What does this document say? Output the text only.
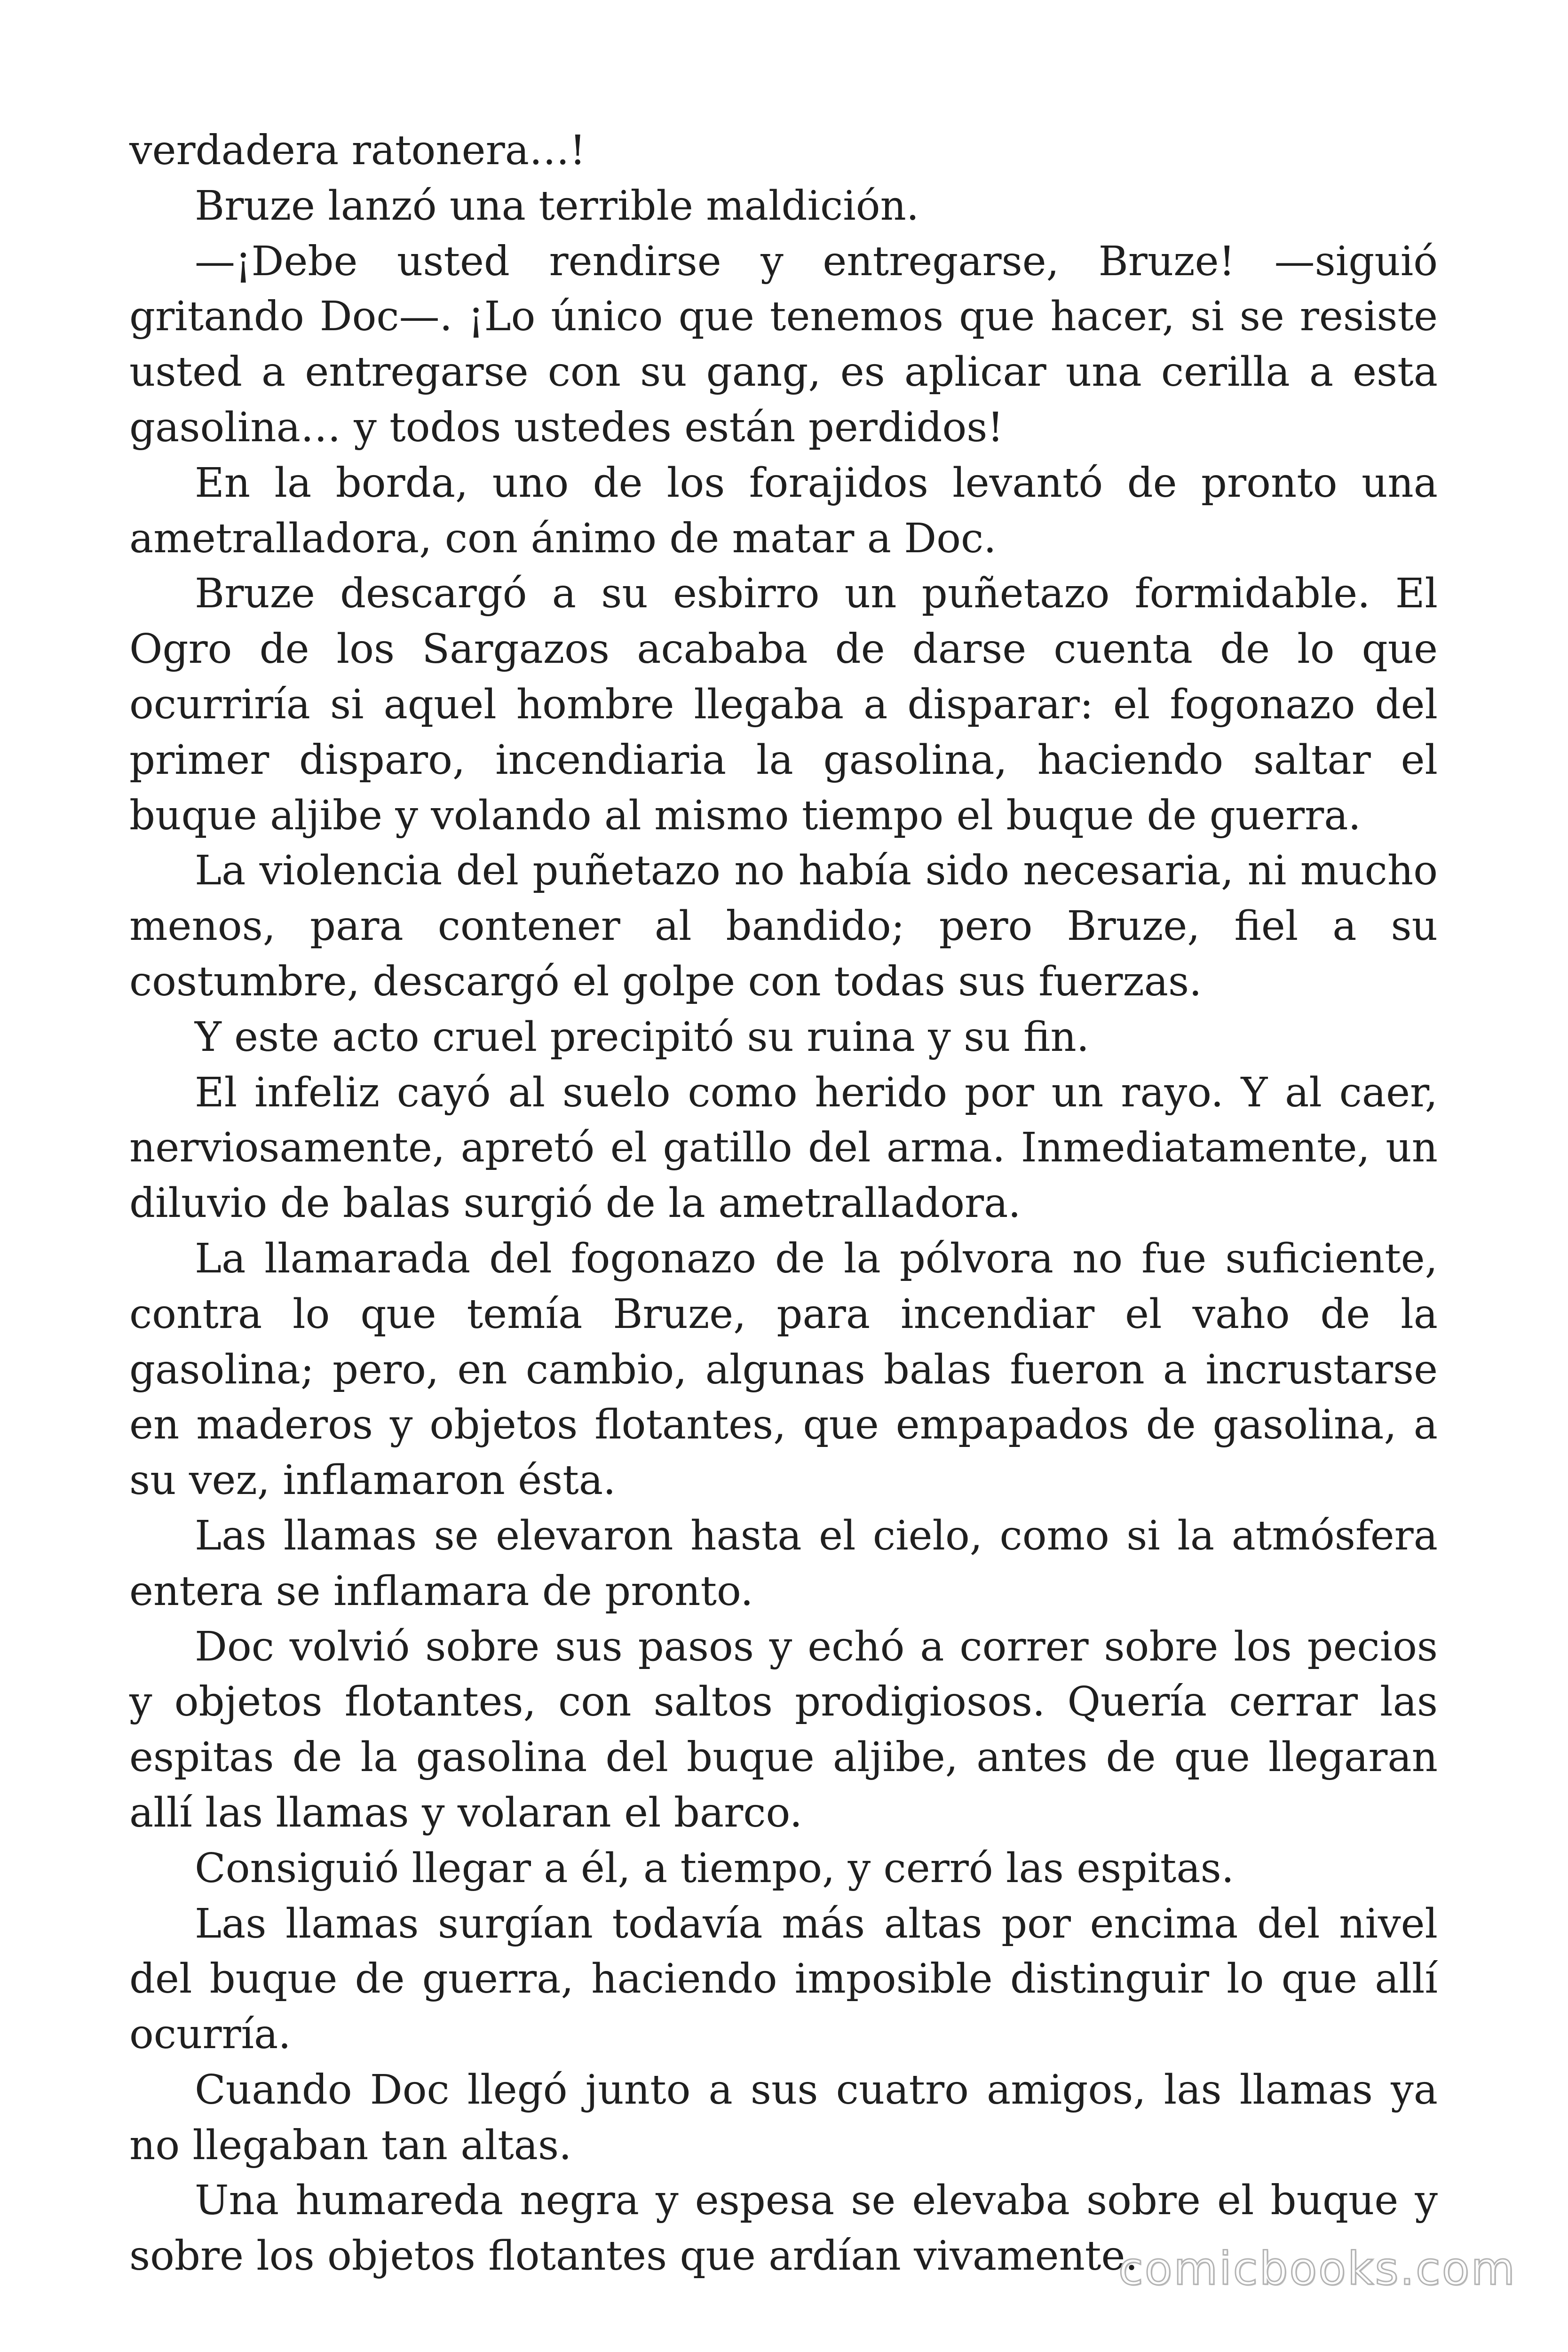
verdadera ratonera…!

Bruze lanzó una terrible maldición.

—¡Debe usted rendirse y entregarse, Bruze! —siguió gritando Doc—. ¡Lo único que tenemos que hacer, si se resiste usted a entregarse con su gang, es aplicar una cerilla a esta gasolina… y todos ustedes están perdidos!

En la borda, uno de los forajidos levantó de pronto una ametralladora, con ánimo de matar a Doc.

Bruze descargó a su esbirro un puñetazo formidable. El Ogro de los Sargazos acababa de darse cuenta de lo que ocurriría si aquel hombre llegaba a disparar: el fogonazo del primer disparo, incendiaria la gasolina, haciendo saltar el buque aljibe y volando al mismo tiempo el buque de guerra.

La violencia del puñetazo no había sido necesaria, ni mucho menos, para contener al bandido; pero Bruze, fiel a su costumbre, descargó el golpe con todas sus fuerzas.

Y este acto cruel precipitó su ruina y su fin.

El infeliz cayó al suelo como herido por un rayo. Y al caer, nerviosamente, apretó el gatillo del arma. Inmediatamente, un diluvio de balas surgió de la ametralladora.

La llamarada del fogonazo de la pólvora no fue suficiente, contra lo que temía Bruze, para incendiar el vaho de la gasolina; pero, en cambio, algunas balas fueron a incrustarse en maderos y objetos flotantes, que empapados de gasolina, a su vez, inflamaron ésta.

Las llamas se elevaron hasta el cielo, como si la atmósfera entera se inflamara de pronto.

Doc volvió sobre sus pasos y echó a correr sobre los pecios y objetos flotantes, con saltos prodigiosos. Quería cerrar las espitas de la gasolina del buque aljibe, antes de que llegaran allí las llamas y volaran el barco.

Consiguió llegar a él, a tiempo, y cerró las espitas.

Las llamas surgían todavía más altas por encima del nivel del buque de guerra, haciendo imposible distinguir lo que allí ocurría.

Cuando Doc llegó junto a sus cuatro amigos, las llamas ya no llegaban tan altas.

Una humareda negra y espesa se elevaba sobre el buque y sobre los objetos flotantes que ardían vivamente.

comicbooks.com
